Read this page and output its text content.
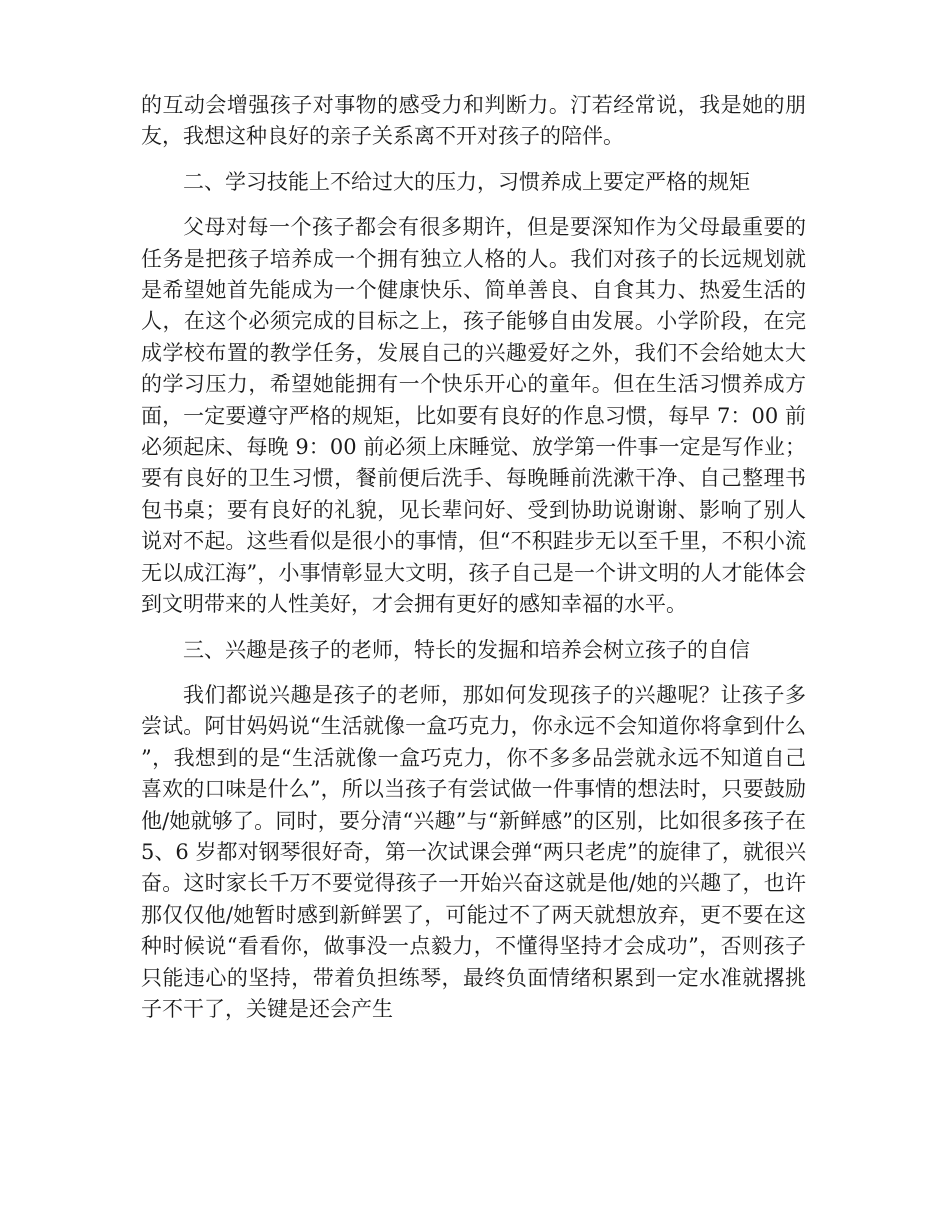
的互动会增强孩子对事物的感受力和判断力。汀若经常说，我是她的朋友，我想这种良好的亲子关系离不开对孩子的陪伴。

二、学习技能上不给过大的压力，习惯养成上要定严格的规矩

父母对每一个孩子都会有很多期许，但是要深知作为父母最重要的任务是把孩子培养成一个拥有独立人格的人。我们对孩子的长远规划就是希望她首先能成为一个健康快乐、简单善良、自食其力、热爱生活的人，在这个必须完成的目标之上，孩子能够自由发展。小学阶段，在完成学校布置的教学任务，发展自己的兴趣爱好之外，我们不会给她太大的学习压力，希望她能拥有一个快乐开心的童年。但在生活习惯养成方面，一定要遵守严格的规矩，比如要有良好的作息习惯，每早 7：00 前必须起床、每晚 9：00 前必须上床睡觉、放学第一件事一定是写作业；要有良好的卫生习惯，餐前便后洗手、每晚睡前洗漱干净、自己整理书包书桌；要有良好的礼貌，见长辈问好、受到协助说谢谢、影响了别人说对不起。这些看似是很小的事情，但“不积跬步无以至千里，不积小流无以成江海”，小事情彰显大文明，孩子自己是一个讲文明的人才能体会到文明带来的人性美好，才会拥有更好的感知幸福的水平。

三、兴趣是孩子的老师，特长的发掘和培养会树立孩子的自信

我们都说兴趣是孩子的老师，那如何发现孩子的兴趣呢？让孩子多尝试。阿甘妈妈说“生活就像一盒巧克力，你永远不会知道你将拿到什么”，我想到的是“生活就像一盒巧克力，你不多多品尝就永远不知道自己喜欢的口味是什么”，所以当孩子有尝试做一件事情的想法时，只要鼓励他/她就够了。同时，要分清“兴趣”与“新鲜感”的区别，比如很多孩子在 5、6 岁都对钢琴很好奇，第一次试课会弹“两只老虎”的旋律了，就很兴奋。这时家长千万不要觉得孩子一开始兴奋这就是他/她的兴趣了，也许那仅仅他/她暂时感到新鲜罢了，可能过不了两天就想放弃，更不要在这种时候说“看看你，做事没一点毅力，不懂得坚持才会成功”，否则孩子只能违心的坚持，带着负担练琴，最终负面情绪积累到一定水准就撂挑子不干了，关键是还会产生
